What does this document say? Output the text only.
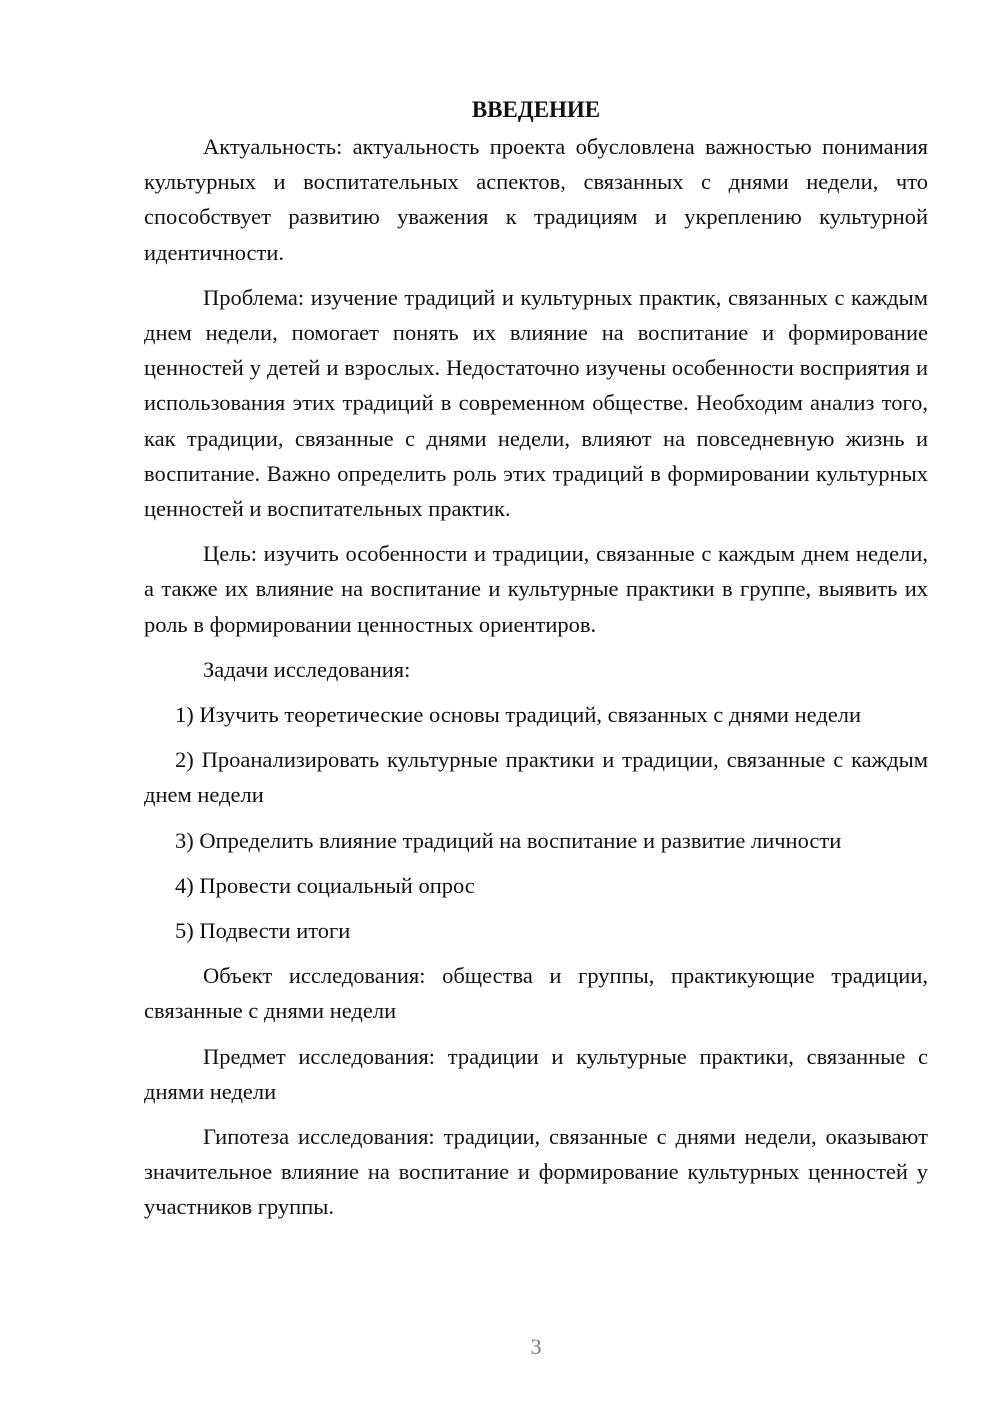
ВВЕДЕНИЕ

Актуальность: актуальность проекта обусловлена важностью понимания культурных и воспитательных аспектов, связанных с днями недели, что способствует развитию уважения к традициям и укреплению культурной идентичности.

Проблема: изучение традиций и культурных практик, связанных с каждым днем недели, помогает понять их влияние на воспитание и формирование ценностей у детей и взрослых. Недостаточно изучены особенности восприятия и использования этих традиций в современном обществе. Необходим анализ того, как традиции, связанные с днями недели, влияют на повседневную жизнь и воспитание. Важно определить роль этих традиций в формировании культурных ценностей и воспитательных практик.

Цель: изучить особенности и традиции, связанные с каждым днем недели, а также их влияние на воспитание и культурные практики в группе, выявить их роль в формировании ценностных ориентиров.

Задачи исследования:

1) Изучить теоретические основы традиций, связанных с днями недели

2) Проанализировать культурные практики и традиции, связанные с каждым днем недели

3) Определить влияние традиций на воспитание и развитие личности

4) Провести социальный опрос

5) Подвести итоги

Объект исследования: общества и группы, практикующие традиции, связанные с днями недели

Предмет исследования: традиции и культурные практики, связанные с днями недели

Гипотеза исследования: традиции, связанные с днями недели, оказывают значительное влияние на воспитание и формирование культурных ценностей у участников группы.

3
